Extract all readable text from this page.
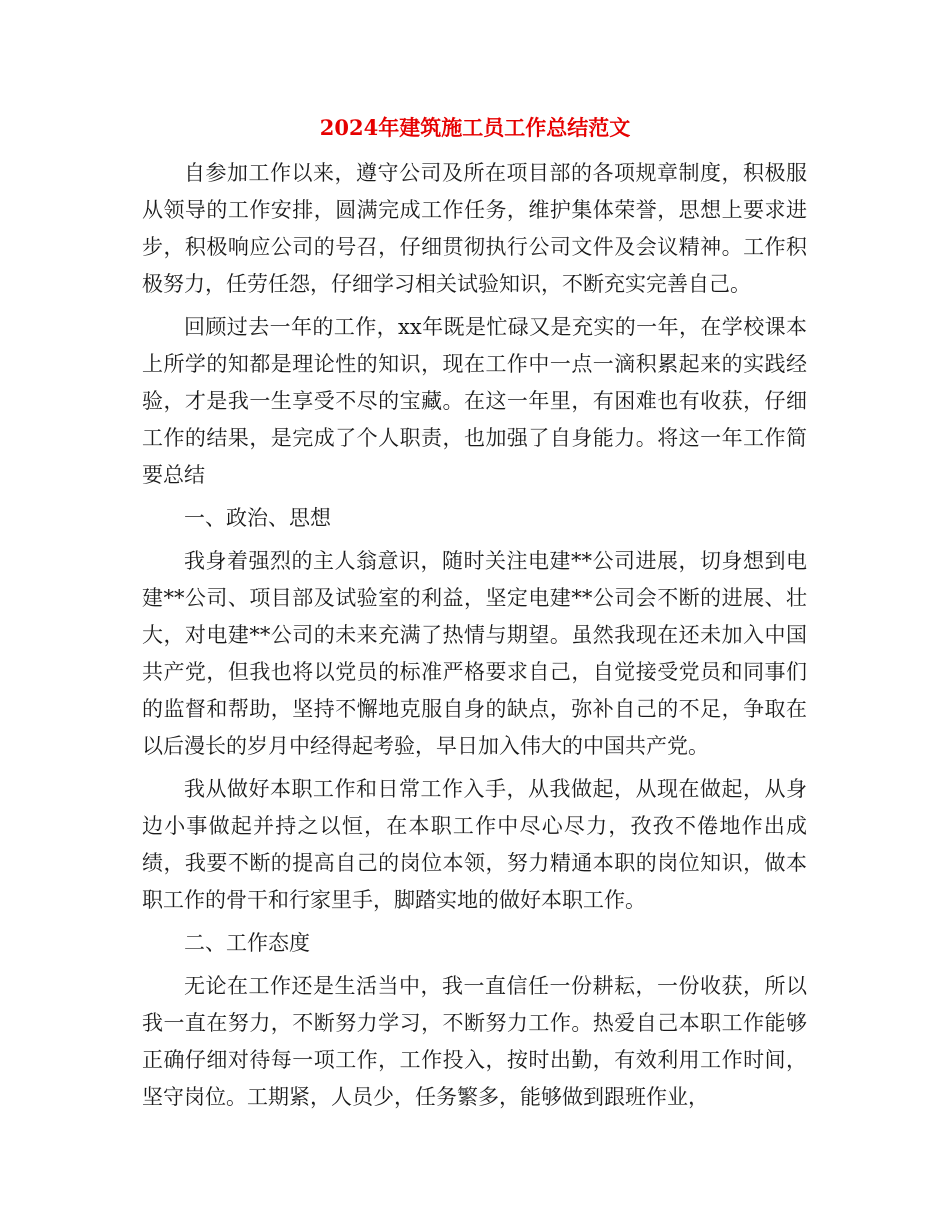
2024年建筑施工员工作总结范文

自参加工作以来，遵守公司及所在项目部的各项规章制度，积极服从领导的工作安排，圆满完成工作任务，维护集体荣誉，思想上要求进步，积极响应公司的号召，仔细贯彻执行公司文件及会议精神。工作积极努力，任劳任怨，仔细学习相关试验知识，不断充实完善自己。

回顾过去一年的工作，xx年既是忙碌又是充实的一年，在学校课本上所学的知都是理论性的知识，现在工作中一点一滴积累起来的实践经验，才是我一生享受不尽的宝藏。在这一年里，有困难也有收获，仔细工作的结果，是完成了个人职责，也加强了自身能力。将这一年工作简要总结

一、政治、思想

我身着强烈的主人翁意识，随时关注电建**公司进展，切身想到电建**公司、项目部及试验室的利益，坚定电建**公司会不断的进展、壮大，对电建**公司的未来充满了热情与期望。虽然我现在还未加入中国共产党，但我也将以党员的标准严格要求自己，自觉接受党员和同事们的监督和帮助，坚持不懈地克服自身的缺点，弥补自己的不足，争取在以后漫长的岁月中经得起考验，早日加入伟大的中国共产党。

我从做好本职工作和日常工作入手，从我做起，从现在做起，从身边小事做起并持之以恒，在本职工作中尽心尽力，孜孜不倦地作出成绩，我要不断的提高自己的岗位本领，努力精通本职的岗位知识，做本职工作的骨干和行家里手，脚踏实地的做好本职工作。

二、工作态度

无论在工作还是生活当中，我一直信任一份耕耘，一份收获，所以我一直在努力，不断努力学习，不断努力工作。热爱自己本职工作能够正确仔细对待每一项工作，工作投入，按时出勤，有效利用工作时间，坚守岗位。工期紧，人员少，任务繁多，能够做到跟班作业，
